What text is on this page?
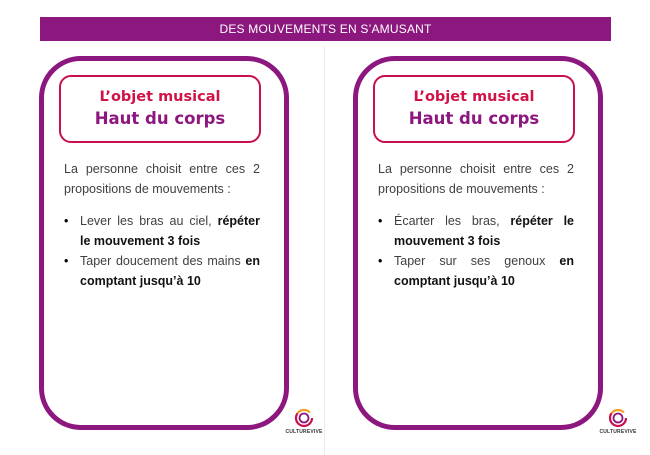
DES MOUVEMENTS EN S’AMUSANT
L’objet musical
Haut du corps

La personne choisit entre ces 2 propositions de mouvements :

• Lever les bras au ciel, répéter le mouvement 3 fois
• Taper doucement des mains en comptant jusqu’à 10
L’objet musical
Haut du corps

La personne choisit entre ces 2 propositions de mouvements :

• Écarter les bras, répéter le mouvement 3 fois
• Taper sur ses genoux en comptant jusqu’à 10
CULTUREVIVE	CULTUREVIVE
